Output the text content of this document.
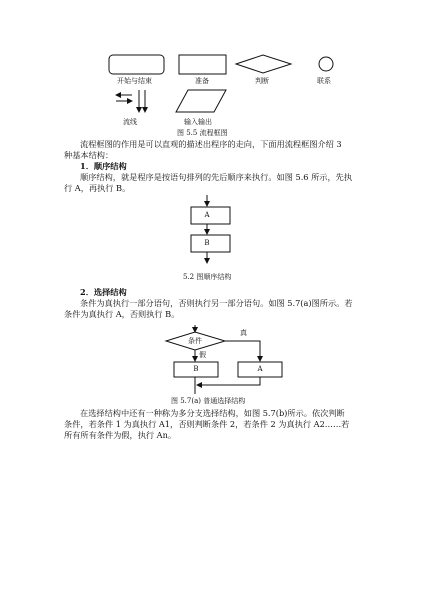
开始与结束	准备	判断	联系
流线	输入输出
图 5.5 流程框图
流程框图的作用是可以直观的描述出程序的走向，下面用流程框图介绍 3
种基本结构：
1．顺序结构
顺序结构，就是程序是按语句排列的先后顺序来执行。如图 5.6 所示，先执
行 A，再执行 B。
A
B
5.2 图顺序结构
2．选择结构
条件为真执行一部分语句，否则执行另一部分语句。如图 5.7(a)图所示。若
条件为真执行 A，否则执行 B。
条件
真
假
B	A
图 5.7(a) 普通选择结构
在选择结构中还有一种称为多分支选择结构，如图 5.7(b)所示。依次判断
条件，若条件 1 为真执行 A1，否则判断条件 2，若条件 2 为真执行 A2……若
所有所有条件为假，执行 An。
